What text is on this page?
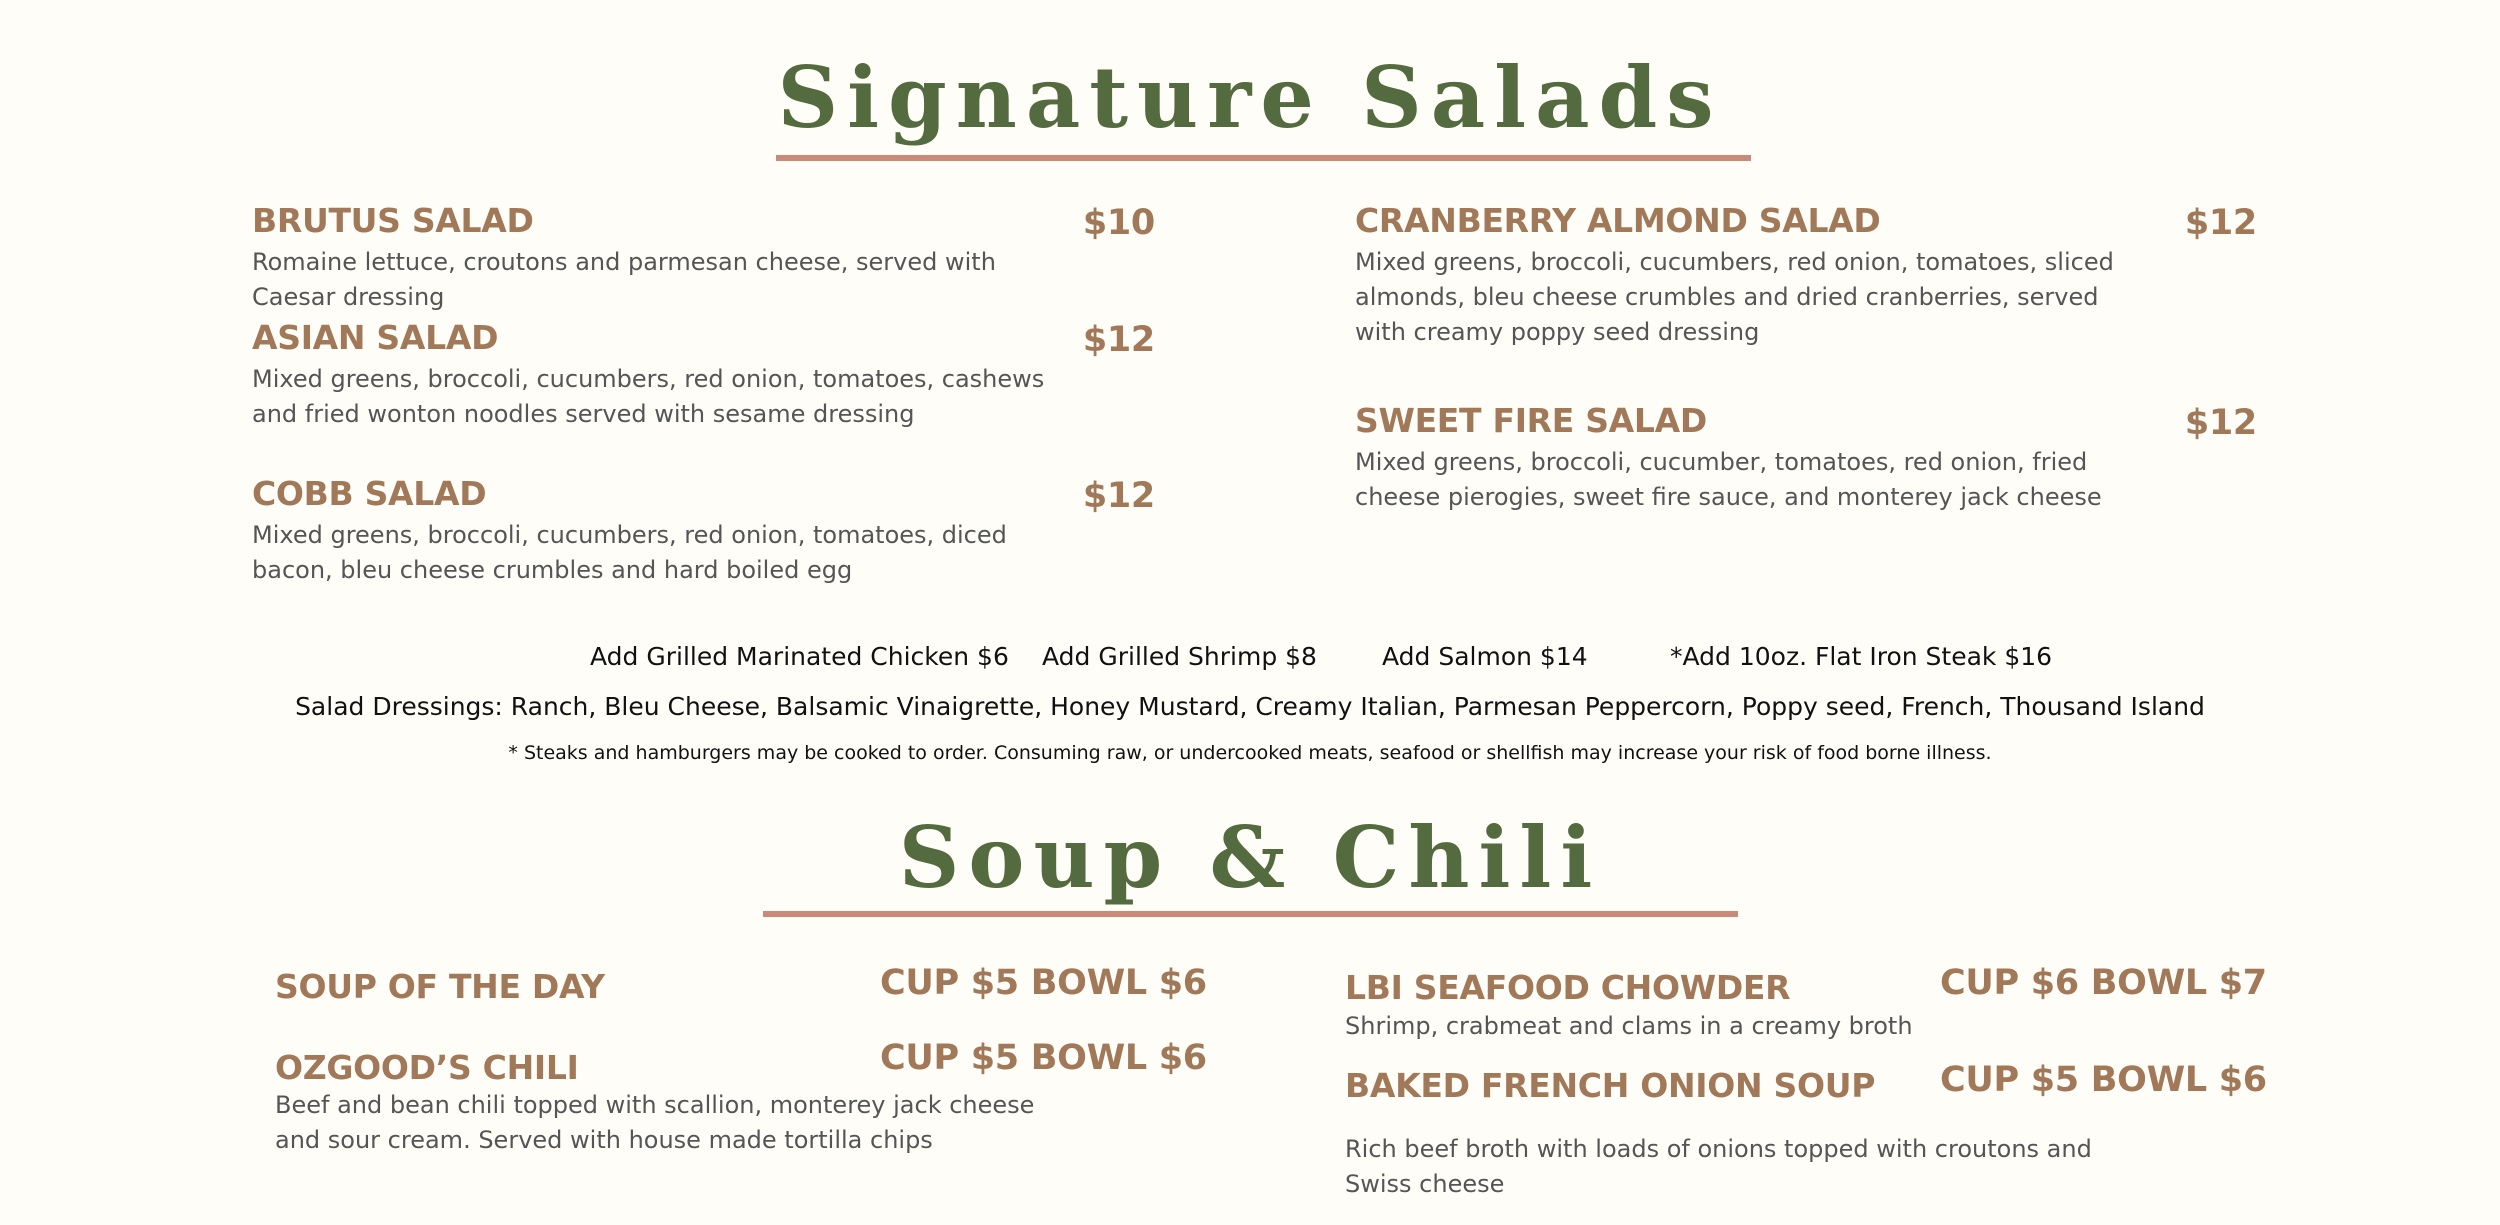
Signature Salads
BRUTUS SALAD	$10

Romaine lettuce, croutons and parmesan cheese, served with Caesar dressing

ASIAN SALAD	$12

Mixed greens, broccoli, cucumbers, red onion, tomatoes, cashews and fried wonton noodles served with sesame dressing

COBB SALAD	$12

Mixed greens, broccoli, cucumbers, red onion, tomatoes, diced bacon, bleu cheese crumbles and hard boiled egg

CRANBERRY ALMOND SALAD	$12

Mixed greens, broccoli, cucumbers, red onion, tomatoes, sliced almonds, bleu cheese crumbles and dried cranberries, served with creamy poppy seed dressing

SWEET FIRE SALAD	$12

Mixed greens, broccoli, cucumber, tomatoes, red onion, fried cheese pierogies, sweet fire sauce, and monterey jack cheese

Add Grilled Marinated Chicken $6 Add Grilled Shrimp $8	Add Salmon $14	*Add 10oz. Flat Iron Steak $16

Salad Dressings: Ranch, Bleu Cheese, Balsamic Vinaigrette, Honey Mustard, Creamy Italian, Parmesan Peppercorn, Poppy seed, French, Thousand Island

* Steaks and hamburgers may be cooked to order. Consuming raw, or undercooked meats, seafood or shellfish may increase your risk of food borne illness.

Soup & Chili
SOUP OF THE DAY	CUP $5 BOWL $6

OZGOOD’S CHILI	CUP $5 BOWL $6

Beef and bean chili topped with scallion, monterey jack cheese and sour cream. Served with house made tortilla chips

LBI SEAFOOD CHOWDER	CUP $6 BOWL $7

Shrimp, crabmeat and clams in a creamy broth

BAKED FRENCH ONION SOUP CUP $5 BOWL $6

Rich beef broth with loads of onions topped with croutons and Swiss cheese
